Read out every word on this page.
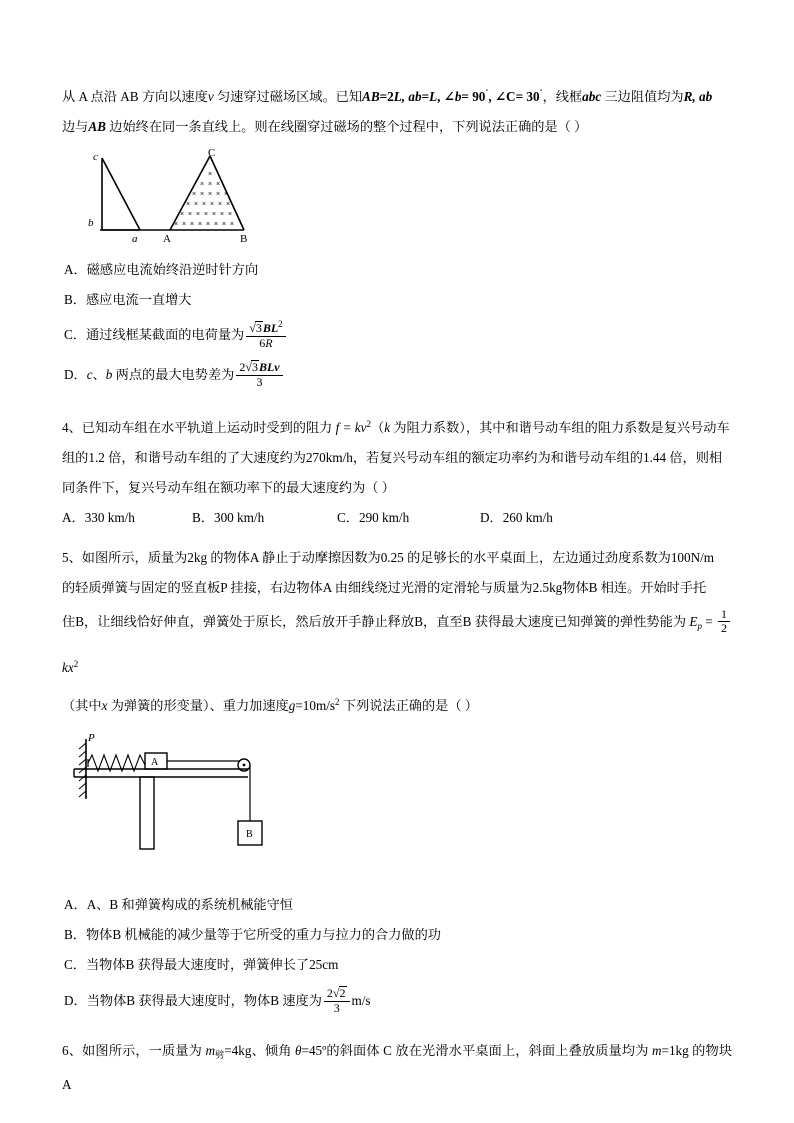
从 A 点沿 AB 方向以速度v 匀速穿过磁场区域。已知AB=2L, ab=L, ∠b= 90˚, ∠C= 30˚，线框abc 三边阻值均为R, ab

边与AB 边始终在同一条直线上。则在线圈穿过磁场的整个过程中，下列说法正确的是（ ）

c
b
a
C
A	B
×
× × ×
× × × × ×
× × × × × ×
× × × × × × ×
× × × × × × × ×

A．磁感应电流始终沿逆时针方向

B．感应电流一直增大

C．通过线框某截面的电荷量为 $\frac{√3BL^2}{6R}$

D．c、b 两点的最大电势差为 $\frac{\text{2√3BLv}}{3}$

4、已知动车组在水平轨道上运动时受到的阻力 $f = kv^2(k$ 为阻力系数），其中和谐号动车组的阻力系数是复兴号动车

组的1.2 倍，和谐号动车组的了大速度约为270km/h，若复兴号动车组的额定功率约为和谐号动车组的1.44 倍，则相

同条件下，复兴号动车组在额功率下的最大速度约为（ ）

A．330 km/h	B．300 km/h	C．290 km/h	D．260 km/h

5、如图所示，质量为2kg 的物体A 静止于动摩擦因数为0.25 的足够长的水平桌面上，左边通过劲度系数为100N/m

的轻质弹簧与固定的竖直板P 挂接，右边物体A 由细线绕过光滑的定滑轮与质量为2.5kg物体B 相连。开始时手托

住B，让细线恰好伸直，弹簧处于原长，然后放开手静止释放B，直至B 获得最大速度已知弹簧的弹性势能为 $E_p = \frac{1}{2}$
$kx^2$

（其中x 为弹簧的形变量）、重力加速度$g=10m/s^2$ 下列说法正确的是（ ）

P
A
B

A．A、B 和弹簧构成的系统机械能守恒

B．物体B 机械能的减少量等于它所受的重力与拉力的合力做的功

C．当物体B 获得最大速度时，弹簧伸长了25cm

D．当物体B 获得最大速度时，物体B 速度为 $\frac{2√2}{3} m/s$

6、如图所示，一质量为 $m_劈=4kg$、倾角 θ=45º的斜面体 C 放在光滑水平桌面上，斜面上叠放质量均为 m=1kg 的物块A
